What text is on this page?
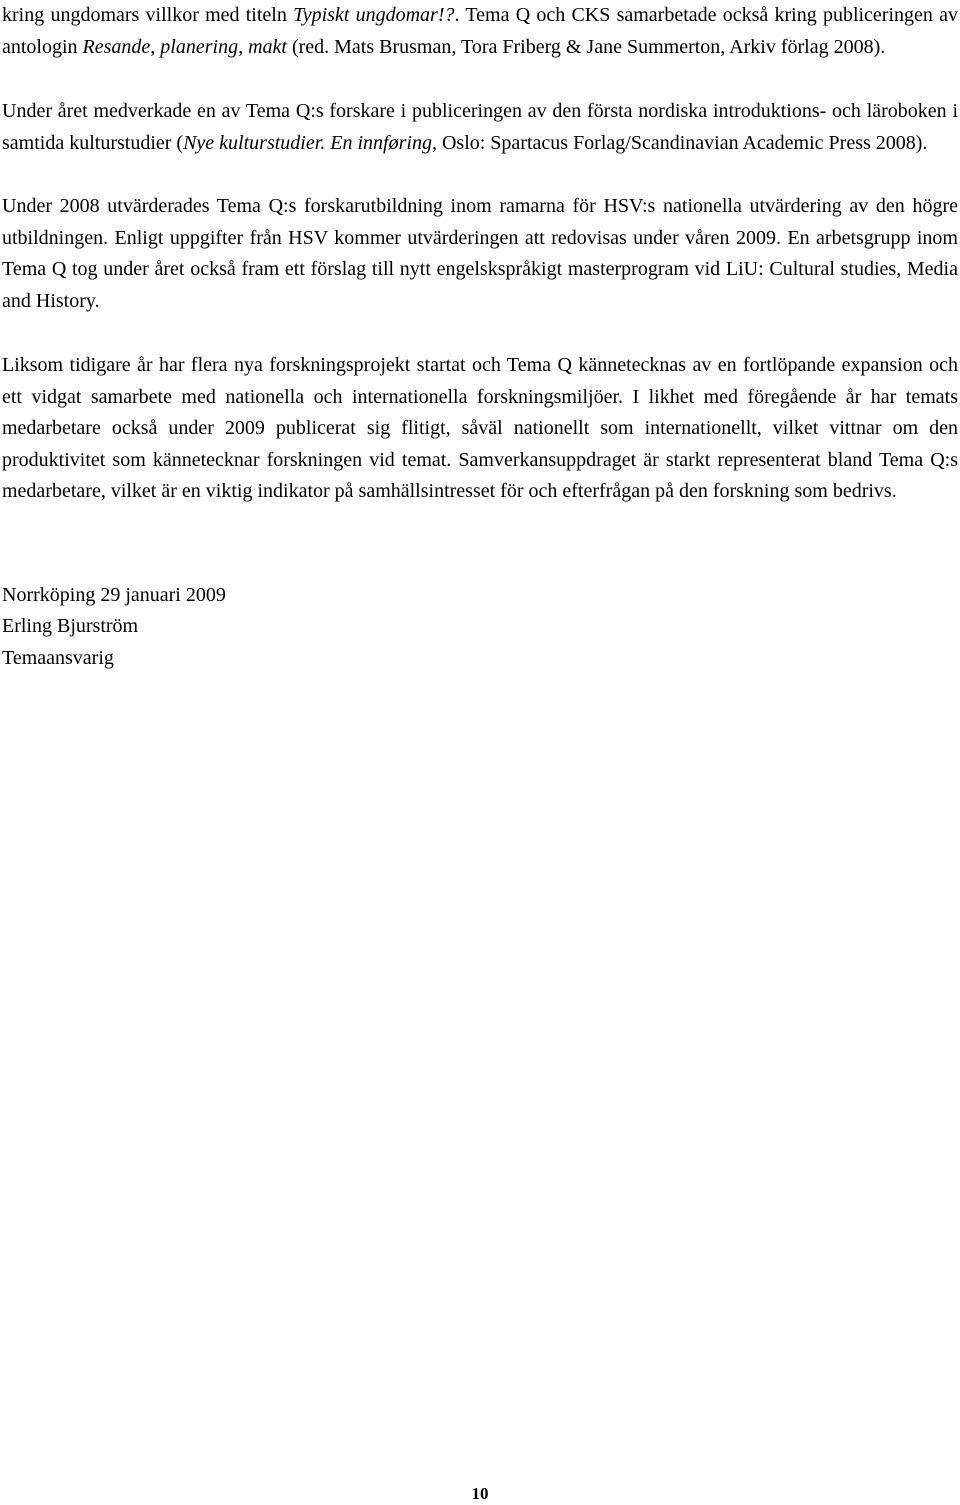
kring ungdomars villkor med titeln Typiskt ungdomar!?. Tema Q och CKS samarbetade också kring publiceringen av antologin Resande, planering, makt (red. Mats Brusman, Tora Friberg & Jane Summerton, Arkiv förlag 2008).

Under året medverkade en av Tema Q:s forskare i publiceringen av den första nordiska introduktions- och läroboken i samtida kulturstudier (Nye kulturstudier. En innføring, Oslo: Spartacus Forlag/Scandinavian Academic Press 2008).

Under 2008 utvärderades Tema Q:s forskarutbildning inom ramarna för HSV:s nationella utvärdering av den högre utbildningen. Enligt uppgifter från HSV kommer utvärderingen att redovisas under våren 2009. En arbetsgrupp inom Tema Q tog under året också fram ett förslag till nytt engelskspråkigt masterprogram vid LiU: Cultural studies, Media and History.

Liksom tidigare år har flera nya forskningsprojekt startat och Tema Q kännetecknas av en fortlöpande expansion och ett vidgat samarbete med nationella och internationella forskningsmiljöer. I likhet med föregående år har temats medarbetare också under 2009 publicerat sig flitigt, såväl nationellt som internationellt, vilket vittnar om den produktivitet som kännetecknar forskningen vid temat. Samverkansuppdraget är starkt representerat bland Tema Q:s medarbetare, vilket är en viktig indikator på samhällsintresset för och efterfrågan på den forskning som bedrivs.

Norrköping 29 januari 2009
Erling Bjurström
Temaansvarig
10
